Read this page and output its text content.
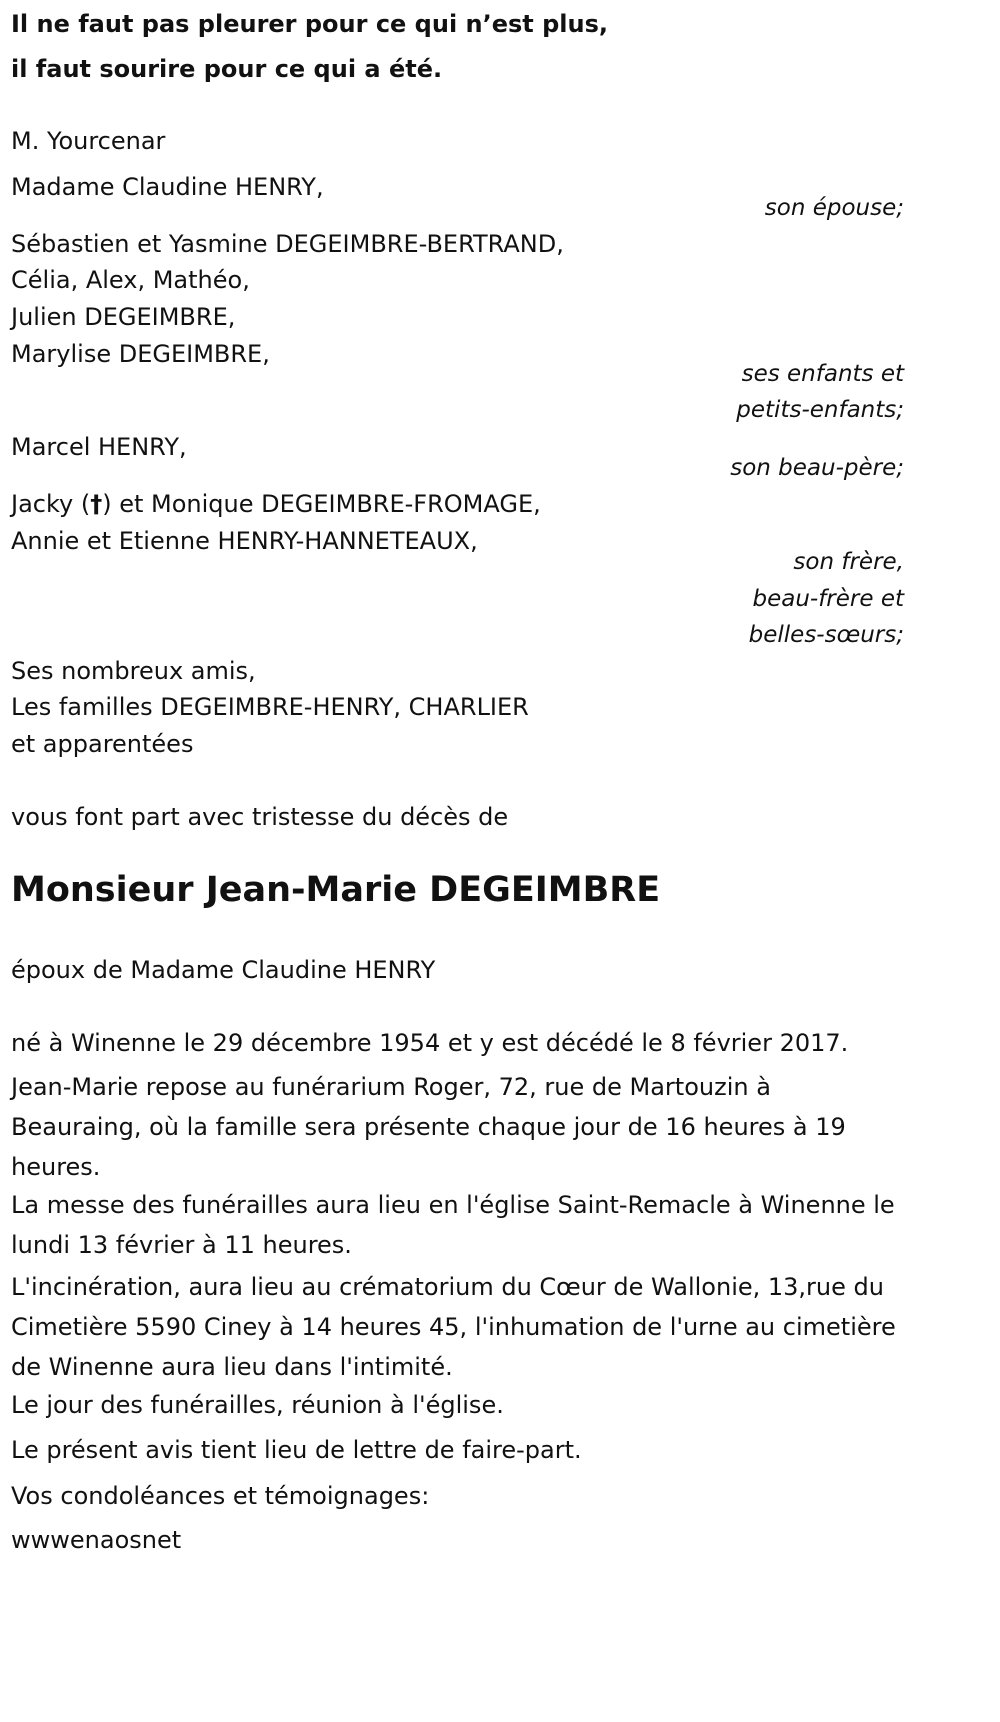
Il ne faut pas pleurer pour ce qui n’est plus,
il faut sourire pour ce qui a été.
M. Yourcenar
Madame Claudine HENRY,
son épouse;
Sébastien et Yasmine DEGEIMBRE-BERTRAND,
Célia, Alex, Mathéo,
Julien DEGEIMBRE,
Marylise DEGEIMBRE,
ses enfants et
petits-enfants;
Marcel HENRY,
son beau-père;
Jacky (†) et Monique DEGEIMBRE-FROMAGE,
Annie et Etienne HENRY-HANNETEAUX,
son frère,
beau-frère et
belles-sœurs;
Ses nombreux amis,
Les familles DEGEIMBRE-HENRY, CHARLIER
et apparentées
vous font part avec tristesse du décès de
Monsieur Jean-Marie DEGEIMBRE
époux de Madame Claudine HENRY
né à Winenne le 29 décembre 1954 et y est décédé le 8 février 2017.
Jean-Marie repose au funérarium Roger, 72, rue de Martouzin à Beauraing, où la famille sera présente chaque jour de 16 heures à 19 heures.
La messe des funérailles aura lieu en l'église Saint-Remacle à Winenne le lundi 13 février à 11 heures.
L'incinération, aura lieu au crématorium du Cœur de Wallonie, 13,rue du Cimetière 5590 Ciney à 14 heures 45, l'inhumation de l'urne au cimetière de Winenne aura lieu dans l'intimité.
Le jour des funérailles, réunion à l'église.
Le présent avis tient lieu de lettre de faire-part.
Vos condoléances et témoignages:
wwwenaosnet
